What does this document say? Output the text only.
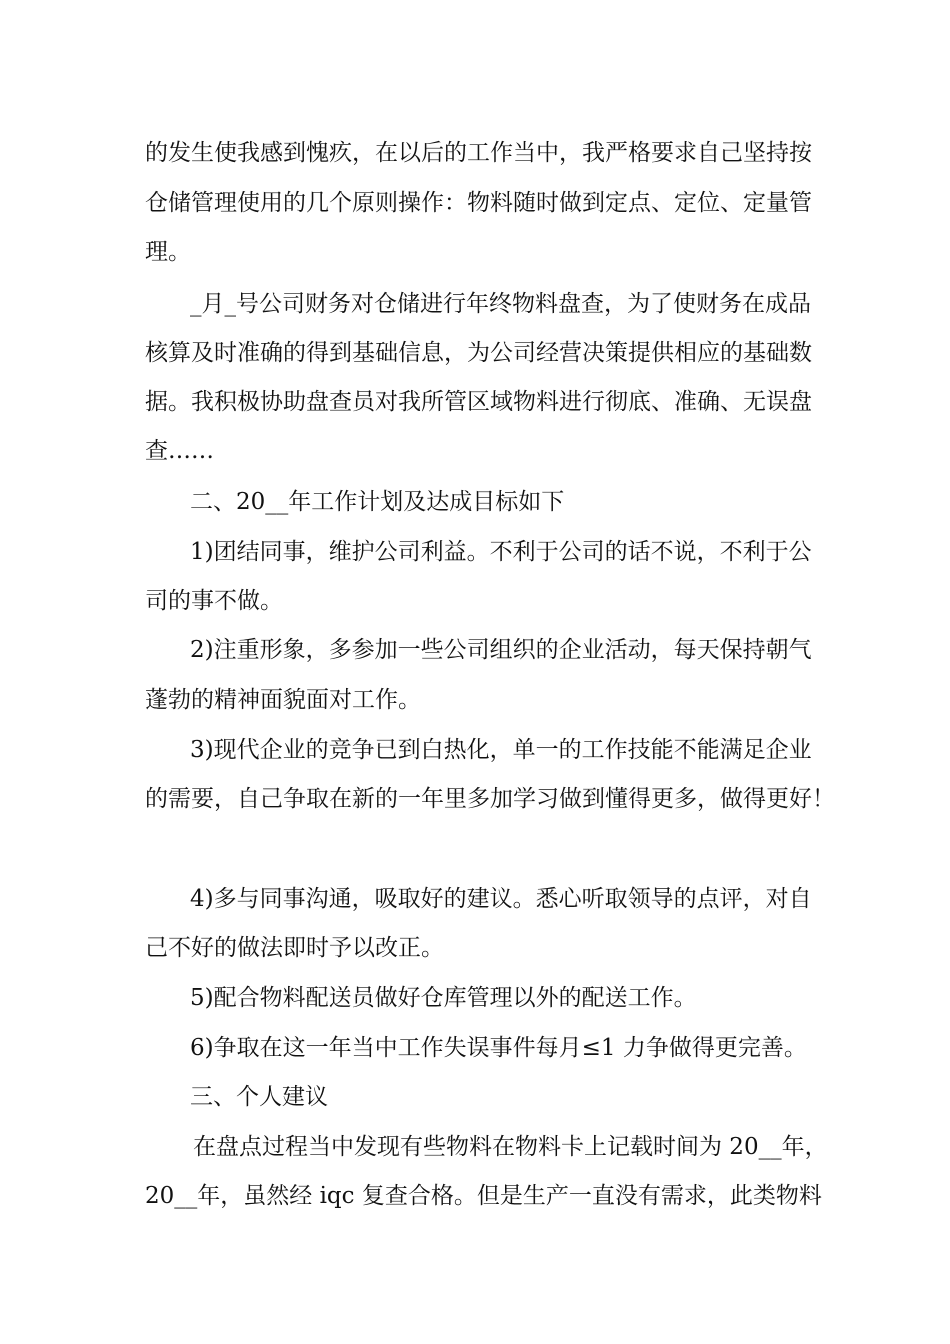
的发生使我感到愧疚，在以后的工作当中，我严格要求自己坚持按
仓储管理使用的几个原则操作：物料随时做到定点、定位、定量管
理。
_月_号公司财务对仓储进行年终物料盘查，为了使财务在成品
核算及时准确的得到基础信息，为公司经营决策提供相应的基础数
据。我积极协助盘查员对我所管区域物料进行彻底、准确、无误盘
查……
二、20__年工作计划及达成目标如下
1)团结同事，维护公司利益。不利于公司的话不说，不利于公
司的事不做。
2)注重形象，多参加一些公司组织的企业活动，每天保持朝气
蓬勃的精神面貌面对工作。
3)现代企业的竞争已到白热化，单一的工作技能不能满足企业
的需要，自己争取在新的一年里多加学习做到懂得更多，做得更好！
4)多与同事沟通，吸取好的建议。悉心听取领导的点评，对自
己不好的做法即时予以改正。
5)配合物料配送员做好仓库管理以外的配送工作。
6)争取在这一年当中工作失误事件每月≤1 力争做得更完善。
三、个人建议
在盘点过程当中发现有些物料在物料卡上记载时间为 20__年，
20__年，虽然经 iqc 复查合格。但是生产一直没有需求，此类物料
